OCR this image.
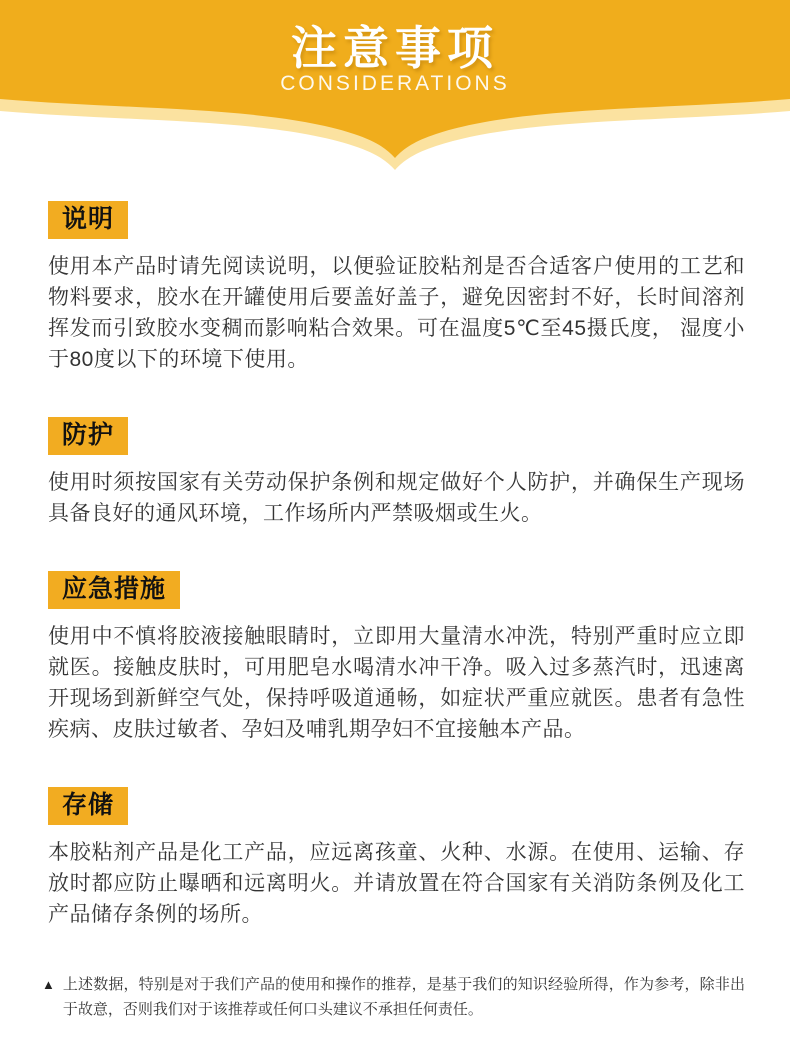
注意事项
CONSIDERATIONS
说明
使用本产品时请先阅读说明，以便验证胶粘剂是否合适客户使用的工艺和物料要求，胶水在开罐使用后要盖好盖子，避免因密封不好，长时间溶剂挥发而引致胶水变稠而影响粘合效果。可在温度5℃至45摄氏度， 湿度小于80度以下的环境下使用。
防护
使用时须按国家有关劳动保护条例和规定做好个人防护，并确保生产现场具备良好的通风环境，工作场所内严禁吸烟或生火。
应急措施
使用中不慎将胶液接触眼睛时，立即用大量清水冲洗，特别严重时应立即就医。接触皮肤时，可用肥皂水喝清水冲干净。吸入过多蒸汽时，迅速离开现场到新鲜空气处，保持呼吸道通畅，如症状严重应就医。患者有急性疾病、皮肤过敏者、孕妇及哺乳期孕妇不宜接触本产品。
存储
本胶粘剂产品是化工产品，应远离孩童、火种、水源。在使用、运输、存放时都应防止曝晒和远离明火。并请放置在符合国家有关消防条例及化工产品储存条例的场所。
▲ 上述数据，特别是对于我们产品的使用和操作的推荐，是基于我们的知识经验所得，作为参考，除非出于故意，否则我们对于该推荐或任何口头建议不承担任何责任。
